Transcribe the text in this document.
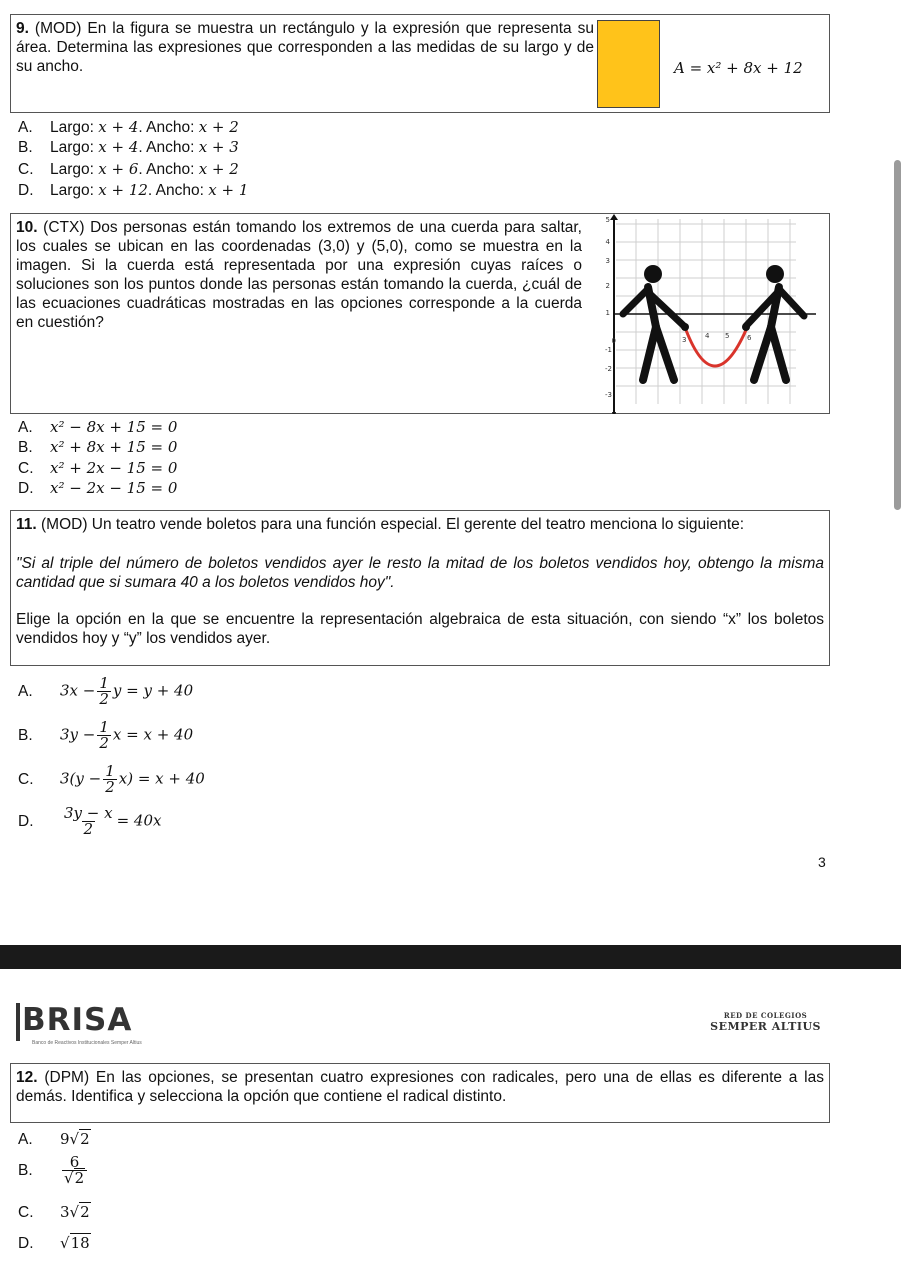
9. (MOD) En la figura se muestra un rectángulo y la expresión que representa su área. Determina las expresiones que corresponden a las medidas de su largo y de su ancho.	A = x² + 8x + 12
A. Largo: x + 4. Ancho: x + 2
B. Largo: x + 4. Ancho: x + 3
C. Largo: x + 6. Ancho: x + 2
D. Largo: x + 12. Ancho: x + 1
10. (CTX) Dos personas están tomando los extremos de una cuerda para saltar, los cuales se ubican en las coordenadas (3,0) y (5,0), como se muestra en la imagen. Si la cuerda está representada por una expresión cuyas raíces o soluciones son los puntos donde las personas están tomando la cuerda, ¿cuál de las ecuaciones cuadráticas mostradas en las opciones corresponde a la cuerda en cuestión?
5
4
3
2
1
0
-1
-2
-3
3	4 5	6
A. x² − 8x + 15 = 0
B. x² + 8x + 15 = 0
C. x² + 2x − 15 = 0
D. x² − 2x − 15 = 0
11. (MOD) Un teatro vende boletos para una función especial. El gerente del teatro menciona lo siguiente:
"Si al triple del número de boletos vendidos ayer le resto la mitad de los boletos vendidos hoy, obtengo la misma cantidad que si sumara 40 a los boletos vendidos hoy".
Elige la opción en la que se encuentre la representación algebraica de esta situación, con siendo “x” los boletos vendidos hoy y “y” los vendidos ayer.
A. $3x - \frac{1}{2}$ y = y + 40
B. $3y - \frac{1}{2}$ x = x + 40
C. $3(y - \frac{1}{2} x) = x + 40$
D. $\frac{3y - x}{2} = 40x$
3
BRISA
Banco de Reactivos Institucionales Semper Altius
RED DE COLEGIOS
SEMPER ALTIUS
12. (DPM) En las opciones, se presentan cuatro expresiones con radicales, pero una de ellas es diferente a las demás. Identifica y selecciona la opción que contiene el radical distinto.
A. 9√2
B. $\frac{6}{√2}$
C. 3√2
D. √18
